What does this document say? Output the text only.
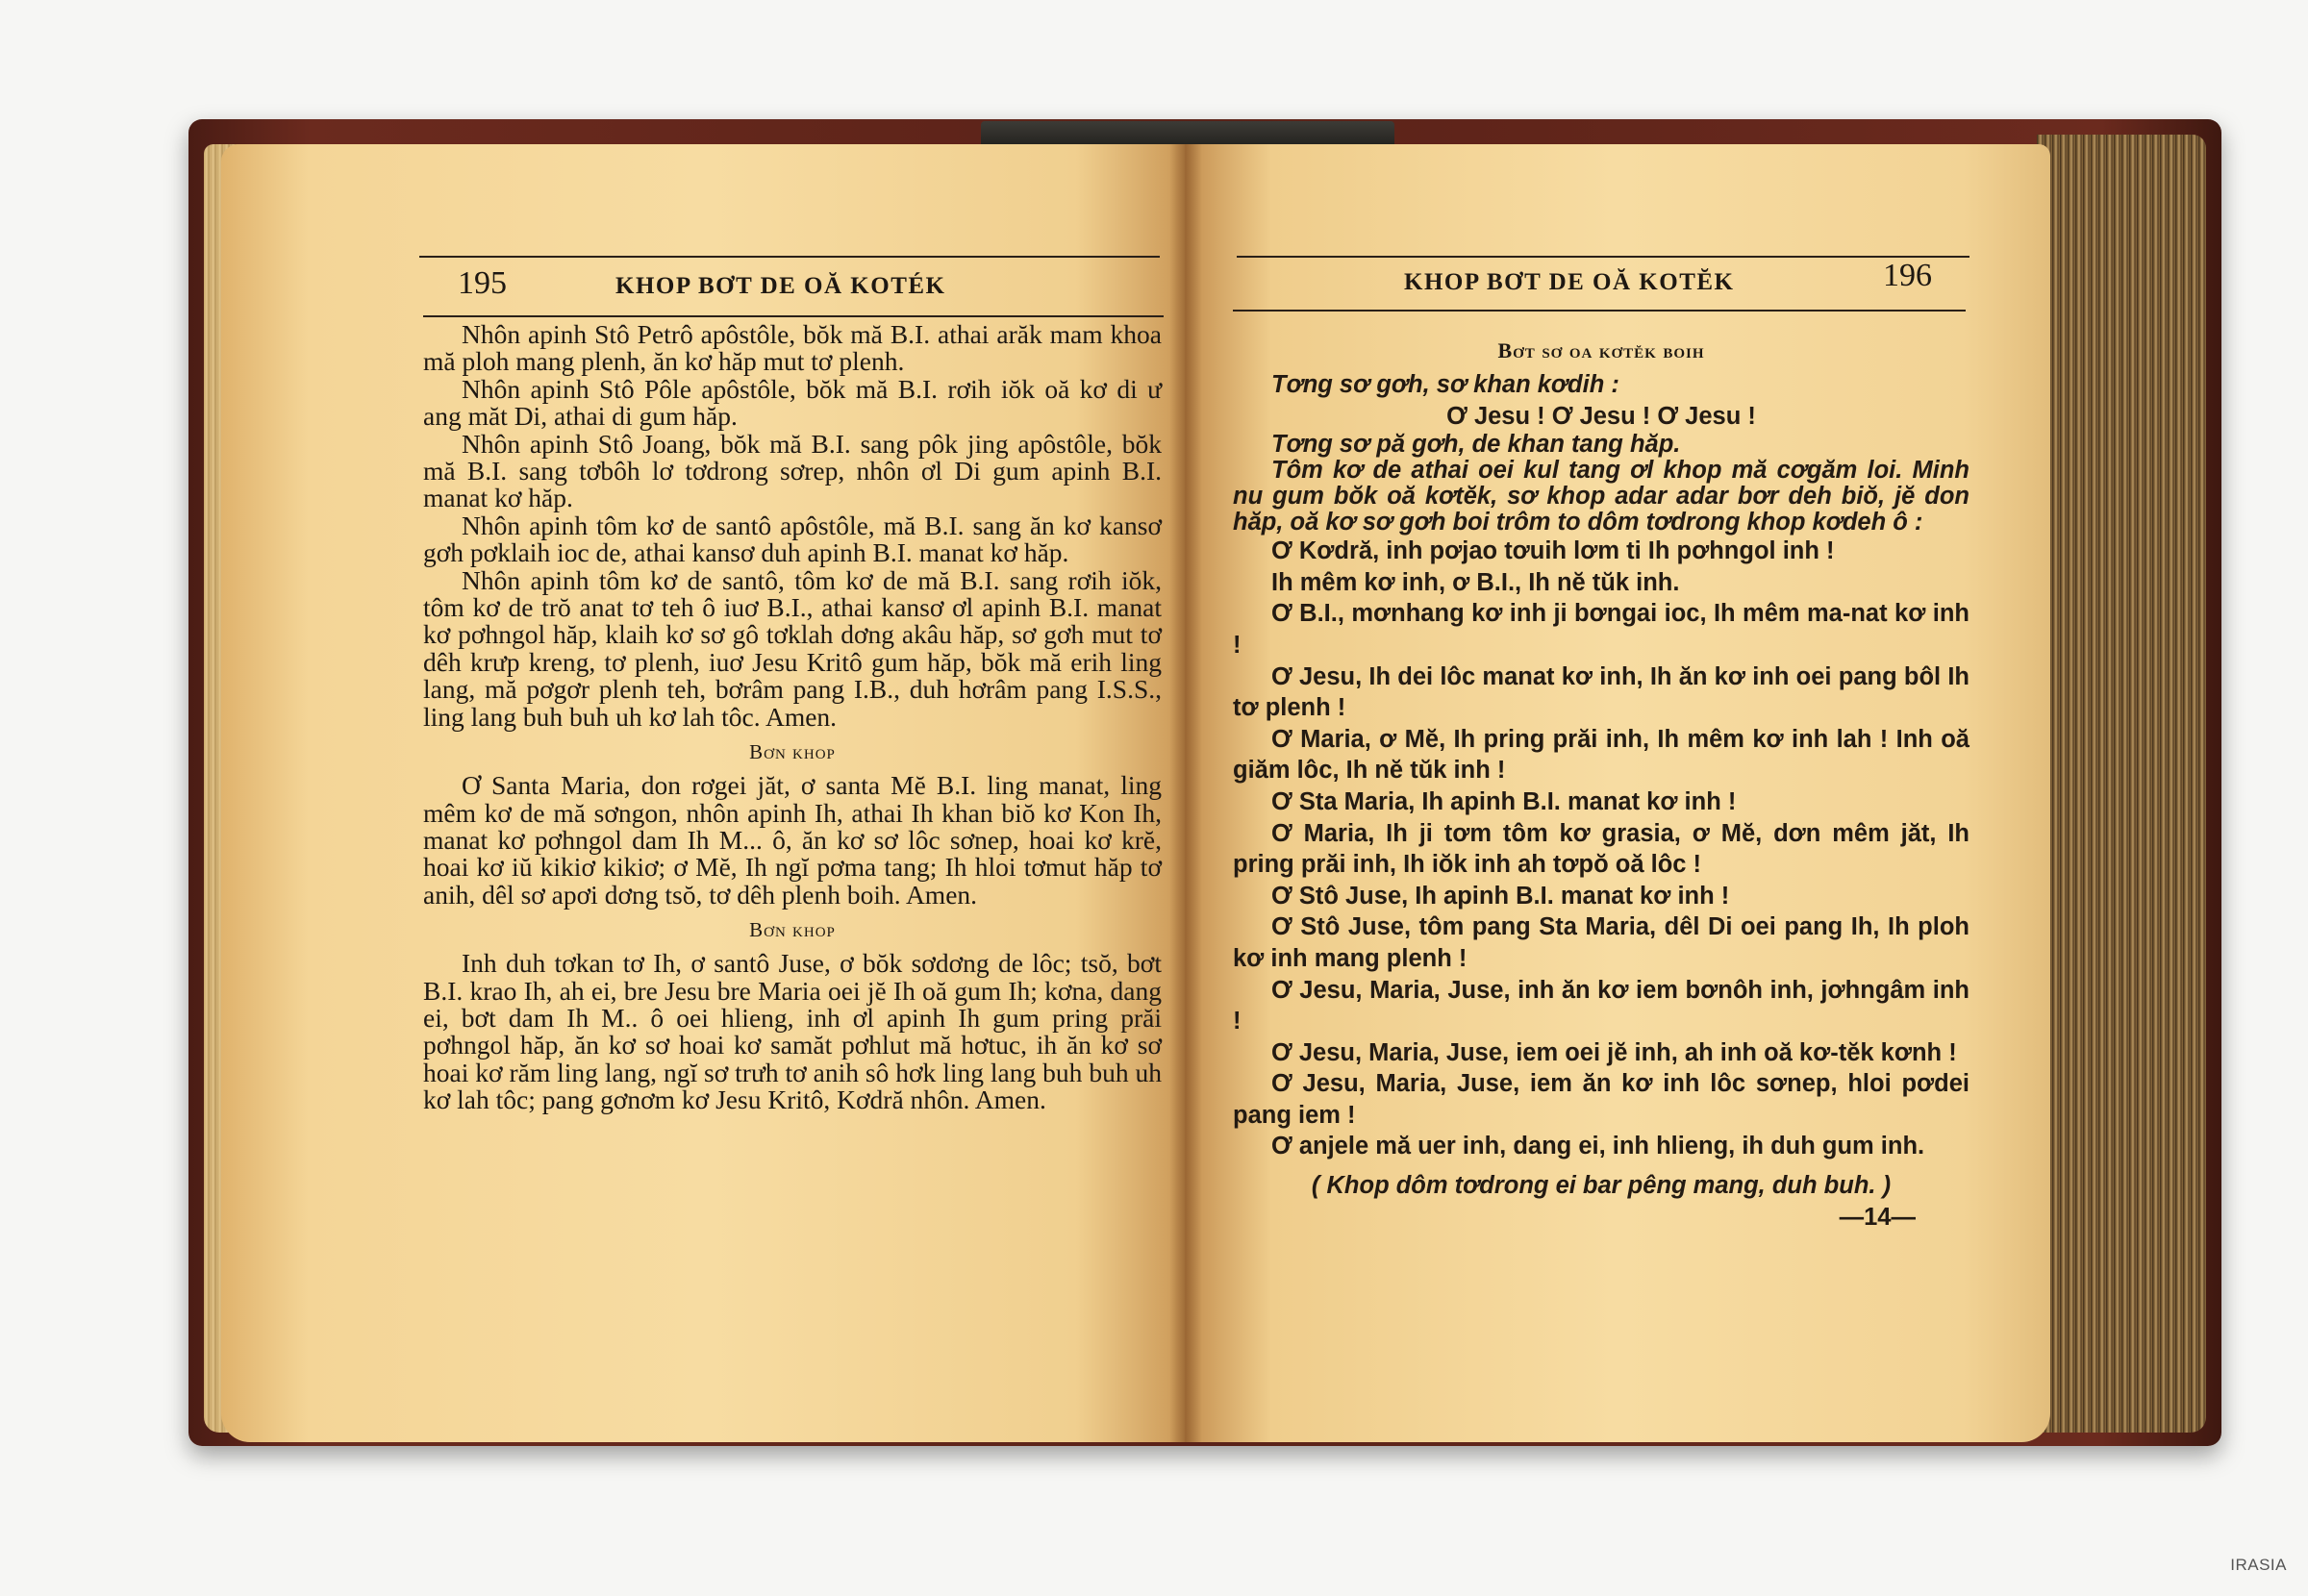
195	KHOP BƠT DE OĂ KOTÉK

Nhôn apinh Stô Petrô apôstôle, bŏk mă B.I. athai arăk mam khoa mă ploh mang plenh, ăn kơ hăp mut tơ plenh.

Nhôn apinh Stô Pôle apôstôle, bŏk mă B.I. rơih iŏk oă kơ di ư ang măt Di, athai di gum hăp.

Nhôn apinh Stô Joang, bŏk mă B.I. sang pôk jing apôstôle, bŏk mă B.I. sang tơbôh lơ tơdrong sơrep, nhôn ơl Di gum apinh B.I. manat kơ hăp.

Nhôn apinh tôm kơ de santô apôstôle, mă B.I. sang ăn kơ kansơ gơh pơklaih ioc de, athai kansơ duh apinh B.I. manat kơ hăp.

Nhôn apinh tôm kơ de santô, tôm kơ de mă B.I. sang rơih iŏk, tôm kơ de trŏ anat tơ teh ô iuơ B.I., athai kansơ ơl apinh B.I. manat kơ pơhngol hăp, klaih kơ sơ gô tơklah dơng akâu hăp, sơ gơh mut tơ dêh krưp kreng, tơ plenh, iuơ Jesu Kritô gum hăp, bŏk mă erih ling lang, mă pơgơr plenh teh, bơrâm pang I.B., duh hơrâm pang I.S.S., ling lang buh buh uh kơ lah tôc. Amen.

Bơn khop

Ơ Santa Maria, don rơgei jăt, ơ santa Mĕ B.I. ling manat, ling mêm kơ de mă sơngon, nhôn apinh Ih, athai Ih khan biŏ kơ Kon Ih, manat kơ pơhngol dam Ih M... ô, ăn kơ sơ lôc sơnep, hoai kơ krĕ, hoai kơ iŭ kikiơ kikiơ; ơ Mĕ, Ih ngĭ pơma tang; Ih hloi tơmut hăp tơ anih, dêl sơ apơi dơng tsŏ, tơ dêh plenh boih. Amen.

Bơn khop

Inh duh tơkan tơ Ih, ơ santô Juse, ơ bŏk sơdơng de lôc; tsŏ, bơt B.I. krao Ih, ah ei, bre Jesu bre Maria oei jĕ Ih oă gum Ih; kơna, dang ei, bơt dam Ih M.. ô oei hlieng, inh ơl apinh Ih gum pring prăi pơhngol hăp, ăn kơ sơ hoai kơ samăt pơhlut mă hơtuc, ih ăn kơ sơ hoai kơ răm ling lang, ngĭ sơ trưh tơ anih sô hơk ling lang buh buh uh kơ lah tôc; pang gơnơm kơ Jesu Kritô, Kơdră nhôn. Amen.

KHOP BƠT DE OĂ KOTĔK	196
Bơt sơ oa kơtĕk boih

Tơng sơ gơh, sơ khan kơdih :

Ơ Jesu ! Ơ Jesu ! Ơ Jesu !

Tơng sơ pă gơh, de khan tang hăp.

Tôm kơ de athai oei kul tang ơl khop mă cơgăm loi. Minh nu gum bŏk oă kơtĕk, sơ khop adar adar bơr deh biŏ, jĕ don hăp, oă kơ sơ gơh boi trôm to dôm tơdrong khop kơdeh ô :

Ơ Kơdră, inh pơjao tơuih lơm ti Ih pơhngol inh !

Ih mêm kơ inh, ơ B.I., Ih nĕ tŭk inh.

Ơ B.I., mơnhang kơ inh ji bơngai ioc, Ih mêm ma-nat kơ inh !

Ơ Jesu, Ih dei lôc manat kơ inh, Ih ăn kơ inh oei pang bôl Ih tơ plenh !

Ơ Maria, ơ Mĕ, Ih pring prăi inh, Ih mêm kơ inh lah ! Inh oă giăm lôc, Ih nĕ tŭk inh !

Ơ Sta Maria, Ih apinh B.I. manat kơ inh !

Ơ Maria, Ih ji tơm tôm kơ grasia, ơ Mĕ, dơn mêm jăt, Ih pring prăi inh, Ih iŏk inh ah tơpŏ oă lôc !

Ơ Stô Juse, Ih apinh B.I. manat kơ inh !

Ơ Stô Juse, tôm pang Sta Maria, dêl Di oei pang Ih, Ih ploh kơ inh mang plenh !

Ơ Jesu, Maria, Juse, inh ăn kơ iem bơnôh inh, jơhngâm inh !

Ơ Jesu, Maria, Juse, iem oei jĕ inh, ah inh oă kơ-tĕk kơnh !

Ơ Jesu, Maria, Juse, iem ăn kơ inh lôc sơnep, hloi pơdei pang iem !

Ơ anjele mă uer inh, dang ei, inh hlieng, ih duh gum inh.

( Khop dôm tơdrong ei bar pêng mang, duh buh. )

—14—

IRASIA
